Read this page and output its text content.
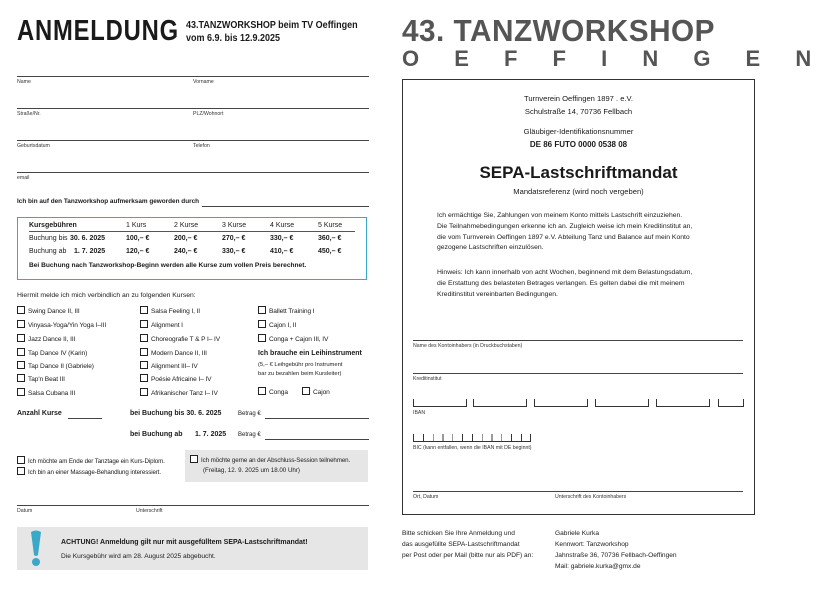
ANMELDUNG 43.TANZWORKSHOP beim TV Oeffingen
vom 6.9. bis 12.9.2025
Name	Vorname
Straße/Nr.	PLZ/Wohnort
Geburtsdatum	Telefon
email
Ich bin auf den Tanzworkshop aufmerksam geworden durch
Kursgebühren	1 Kurs	2 Kurse	3 Kurse	4 Kurse	5 Kurse
Buchung bis 30. 6. 2025	100,– €	200,– €	270,– €	330,– €	360,– €
Buchung ab 1. 7. 2025	120,– €	240,– €	330,– €	410,– €	450,– €
Bei Buchung nach Tanzworkshop-Beginn werden alle Kurse zum vollen Preis berechnet.
Hiermit melde ich mich verbindlich an zu folgenden Kursen:
Swing Dance II, III
Vinyasa-Yoga/Yin Yoga I–III
Jazz Dance II, III
Tap Dance IV (Karin)
Tap Dance II (Gabriele)
Tap'n Beat III
Salsa Cubana III
Salsa Feeling I, II
Alignment I
Choreografie T & P I– IV
Modern Dance II, III
Alignment III– IV
Poésie Africaine I– IV
Afrikanischer Tanz I– IV
Ballett Training I
Cajon I, II
Conga + Cajon III, IV
Ich brauche ein Leihinstrument
(5,– € Leihgebühr pro Instrument
bar zu bezahlen beim Kursleiter)
Conga	Cajon
Anzahl Kurse	bei Buchung bis 30. 6. 2025	Betrag €
bei Buchung ab 1. 7. 2025 Betrag €
Ich möchte am Ende der Tanztage ein Kurs-Diplom.
Ich bin an einer Massage-Behandlung interessiert.
Ich möchte gerne an der Abschluss-Session teilnehmen.
(Freitag, 12. 9. 2025 um 18.00 Uhr)
Datum	Unterschrift
ACHTUNG! Anmeldung gilt nur mit ausgefülltem SEPA-Lastschriftmandat!
Die Kursgebühr wird am 28. August 2025 abgebucht.
43. TANZWORKSHOP
O E F F I N G E N
Turnverein Oeffingen 1897 . e.V.
Schulstraße 14, 70736 Fellbach
Gläubiger-Identifikationsnummer
DE 86 FUTO 0000 0538 08
SEPA-Lastschriftmandat
Mandatsreferenz (wird noch vergeben)
Ich ermächtige Sie, Zahlungen von meinem Konto mittels Lastschrift einzuziehen.
Die Teilnahmebedingungen erkenne ich an. Zugleich weise ich mein Kreditinstitut an,
die vom Turnverein Oeffingen 1897 e.V. Abteilung Tanz und Balance auf mein Konto
gezogene Lastschriften einzulösen.
Hinweis: Ich kann innerhalb von acht Wochen, beginnend mit dem Belastungsdatum,
die Erstattung des belasteten Betrages verlangen. Es gelten dabei die mit meinem
Kreditinstitut vereinbarten Bedingungen.
Name des Kontoinhabers (in Druckbuchstaben)
Kreditinstitut
IBAN
BIC (kann entfallen, wenn die IBAN mit DE beginnt)
Ort, Datum	Unterschrift des Kontoinhabers
Bitte schicken Sie Ihre Anmeldung und
das ausgefüllte SEPA-Lastschriftmandat
per Post oder per Mail (bitte nur als PDF) an:
Gabriele Kurka
Kennwort: Tanzworkshop
Jahnstraße 36, 70736 Fellbach-Oeffingen
Mail: gabriele.kurka@gmx.de
